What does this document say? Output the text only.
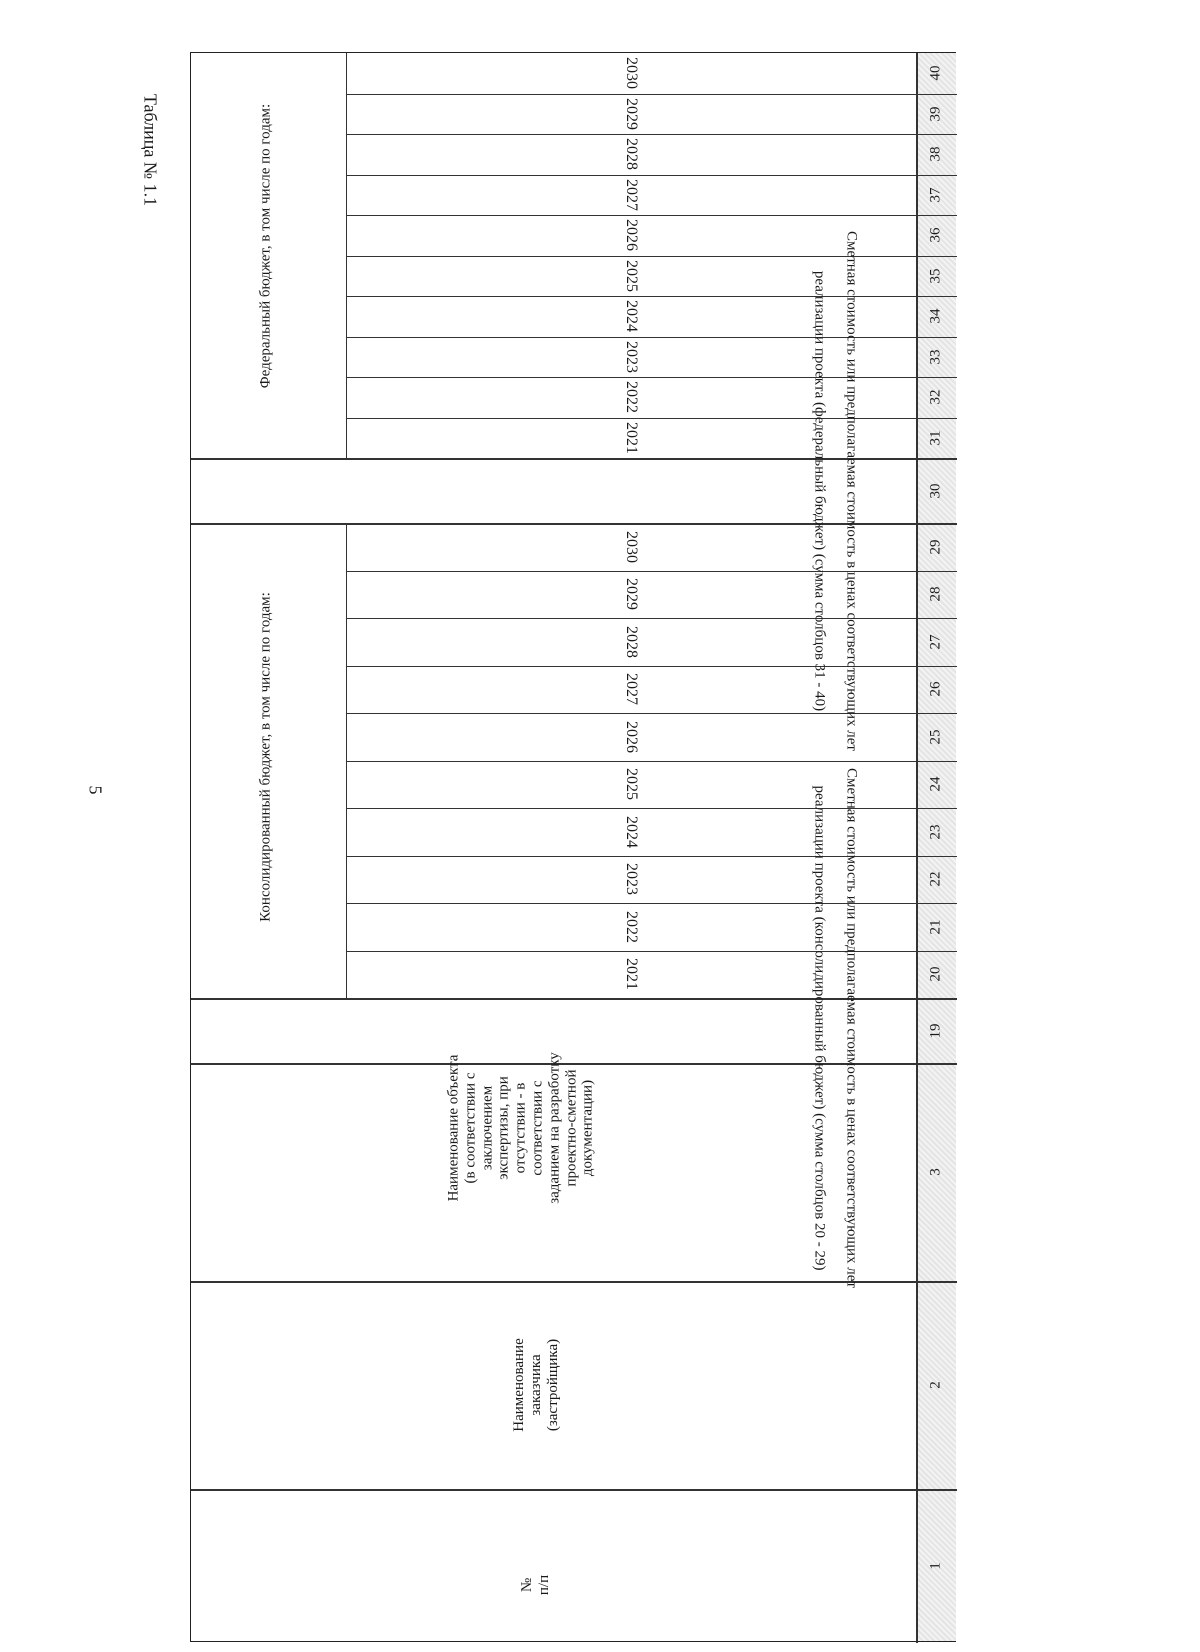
5
Таблица № 1.1
№ п/п
Наименование заказчика (застройщика)
Наименование объекта (в соответствии с заключением экспертизы, при отсутствии - в соответствии с заданием на разработку проектно-сметной документации)	Сметная стоимость или предполагаемая стоимость в ценах соответствующих лет
реализации проекта (консолидированный бюджет) (сумма столбцов 20 - 29)
Консолидированный бюджет, в том числе по годам:
Сметная стоимость или предполагаемая стоимость в ценах соответствующих лет
реализации проекта (федеральный бюджет) (сумма столбцов 31 - 40)
Федеральный бюджет, в том числе по годам:
2021
2022
2023
2024
2025
2026
2027
2028
2029
2030
2021
2022
2023
2024
2025
2026
2027
2028
2029
2030
1
2
3
19
20
21
22
23
24
25
26
27
28
29
30
31
32
33
34
35
36
37
38
39
40
